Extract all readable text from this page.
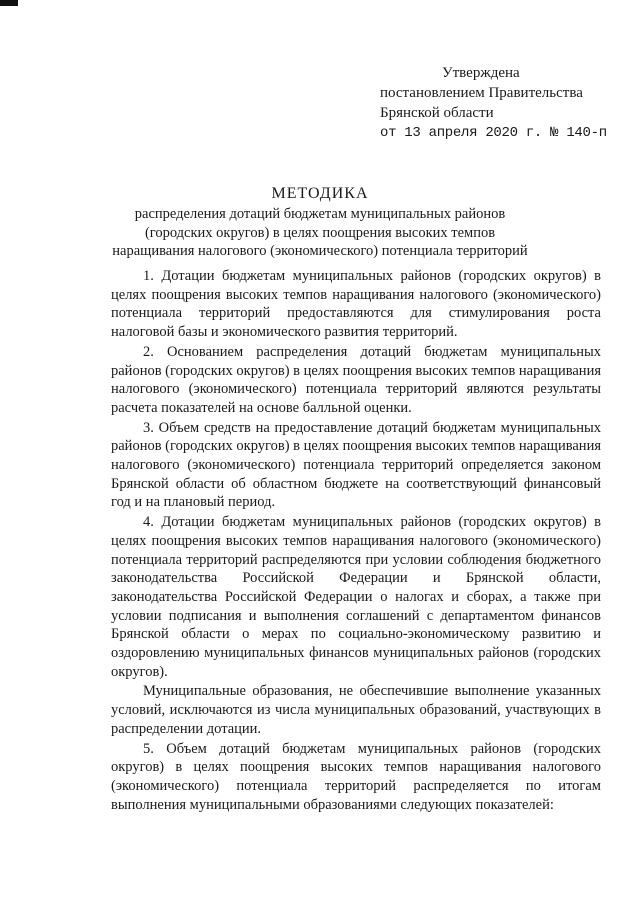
Утверждена
постановлением Правительства
Брянской области
от 13 апреля 2020 г. № 140-п
МЕТОДИКА
распределения дотаций бюджетам муниципальных районов (городских округов) в целях поощрения высоких темпов наращивания налогового (экономического) потенциала территорий

1. Дотации бюджетам муниципальных районов (городских округов) в целях поощрения высоких темпов наращивания налогового (экономического) потенциала территорий предоставляются для стимулирования роста налоговой базы и экономического развития территорий.

2. Основанием распределения дотаций бюджетам муниципальных районов (городских округов) в целях поощрения высоких темпов наращивания налогового (экономического) потенциала территорий являются результаты расчета показателей на основе балльной оценки.

3. Объем средств на предоставление дотаций бюджетам муниципальных районов (городских округов) в целях поощрения высоких темпов наращивания налогового (экономического) потенциала территорий определяется законом Брянской области об областном бюджете на соответствующий финансовый год и на плановый период.

4. Дотации бюджетам муниципальных районов (городских округов) в целях поощрения высоких темпов наращивания налогового (экономического) потенциала территорий распределяются при условии соблюдения бюджетного законодательства Российской Федерации и Брянской области, законодательства Российской Федерации о налогах и сборах, а также при условии подписания и выполнения соглашений с департаментом финансов Брянской области о мерах по социально-экономическому развитию и оздоровлению муниципальных финансов муниципальных районов (городских округов).

Муниципальные образования, не обеспечившие выполнение указанных условий, исключаются из числа муниципальных образований, участвующих в распределении дотации.

5. Объем дотаций бюджетам муниципальных районов (городских округов) в целях поощрения высоких темпов наращивания налогового (экономического) потенциала территорий распределяется по итогам выполнения муниципальными образованиями следующих показателей:
